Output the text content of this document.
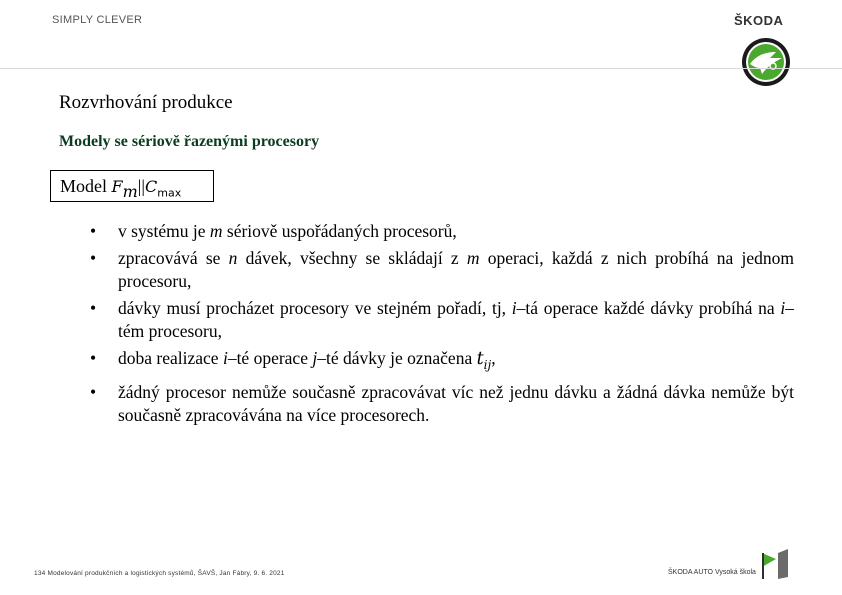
SIMPLY CLEVER	ŠKODA
Rozvrhování produkce
Modely se sériově řazenými procesory
Model $F_m||C_{max}$
• v systému je m sériově uspořádaných procesorů,
• zpracovává se n dávek, všechny se skládají z m operaci, každá z nich probíhá na jednom procesoru,
• dávky musí procházet procesory ve stejném pořadí, tj, i–tá operace každé dávky probíhá na i–tém procesoru,
• doba realizace i–té operace j–té dávky je označena $t_{ij}$,
• žádný procesor nemůže současně zpracovávat víc než jednu dávku a žádná dávka nemůže být současně zpracovávána na více procesorech.
134 Modelování produkčních a logistických systémů, ŠAVŠ, Jan Fábry, 9. 6. 2021	ŠKODA AUTO Vysoká škola
